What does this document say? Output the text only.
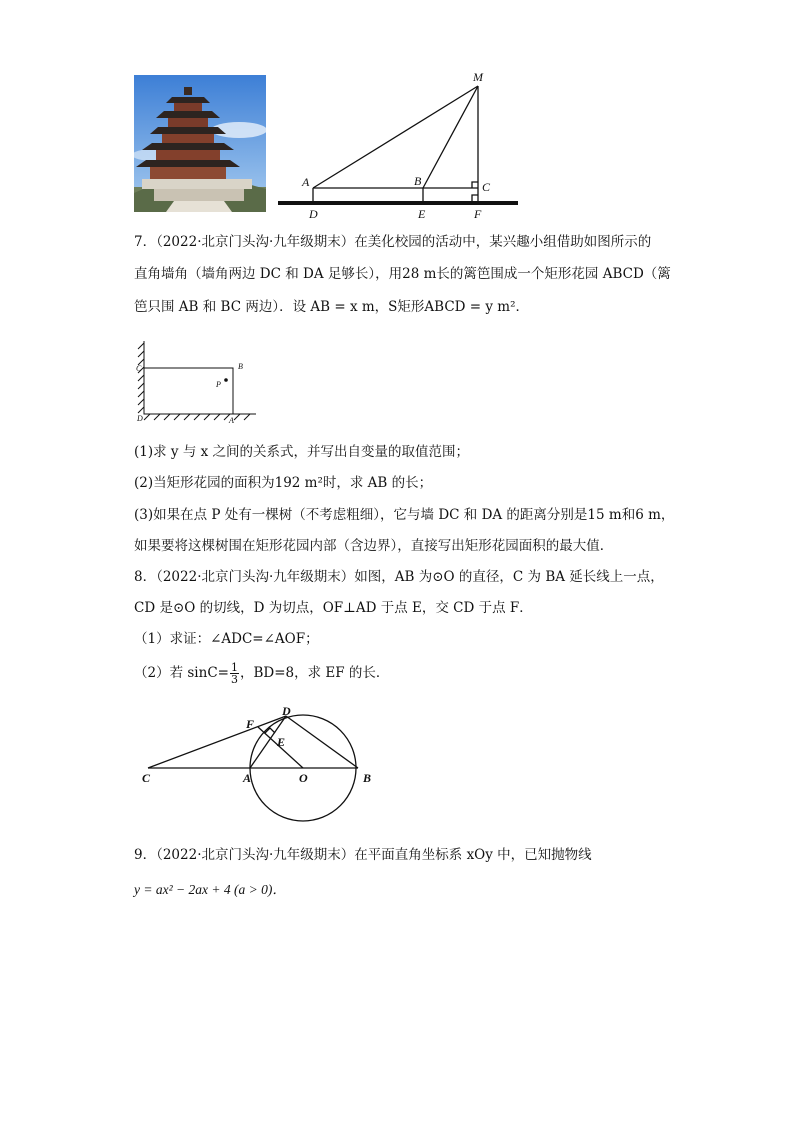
M
A	B	C
D	E	F
7．（2022·北京门头沟·九年级期末）在美化校园的活动中，某兴趣小组借助如图所示的
直角墙角（墙角两边 DC 和 DA 足够长），用28 m长的篱笆围成一个矩形花园 ABCD（篱
笆只围 AB 和 BC 两边）．设 AB = x m，S矩形ABCD = y m²．
C	B
P
D	A
(1)求 y 与 x 之间的关系式，并写出自变量的取值范围；
(2)当矩形花园的面积为192 m²时，求 AB 的长；
(3)如果在点 P 处有一棵树（不考虑粗细），它与墙 DC 和 DA 的距离分别是15 m和6 m，
如果要将这棵树围在矩形花园内部（含边界），直接写出矩形花园面积的最大值．
8．（2022·北京门头沟·九年级期末）如图，AB 为⊙O 的直径，C 为 BA 延长线上一点，
CD 是⊙O 的切线，D 为切点，OF⊥AD 于点 E，交 CD 于点 F．
（1）求证：∠ADC=∠AOF；
（2）若 $\sin C= \frac{1}{3}$ ，BD=8，求 EF 的长．
F
D
E
C	A	O	B
9．（2022·北京门头沟·九年级期末）在平面直角坐标系 xOy 中，已知抛物线
y = ax² − 2ax + 4 (a > 0)．
